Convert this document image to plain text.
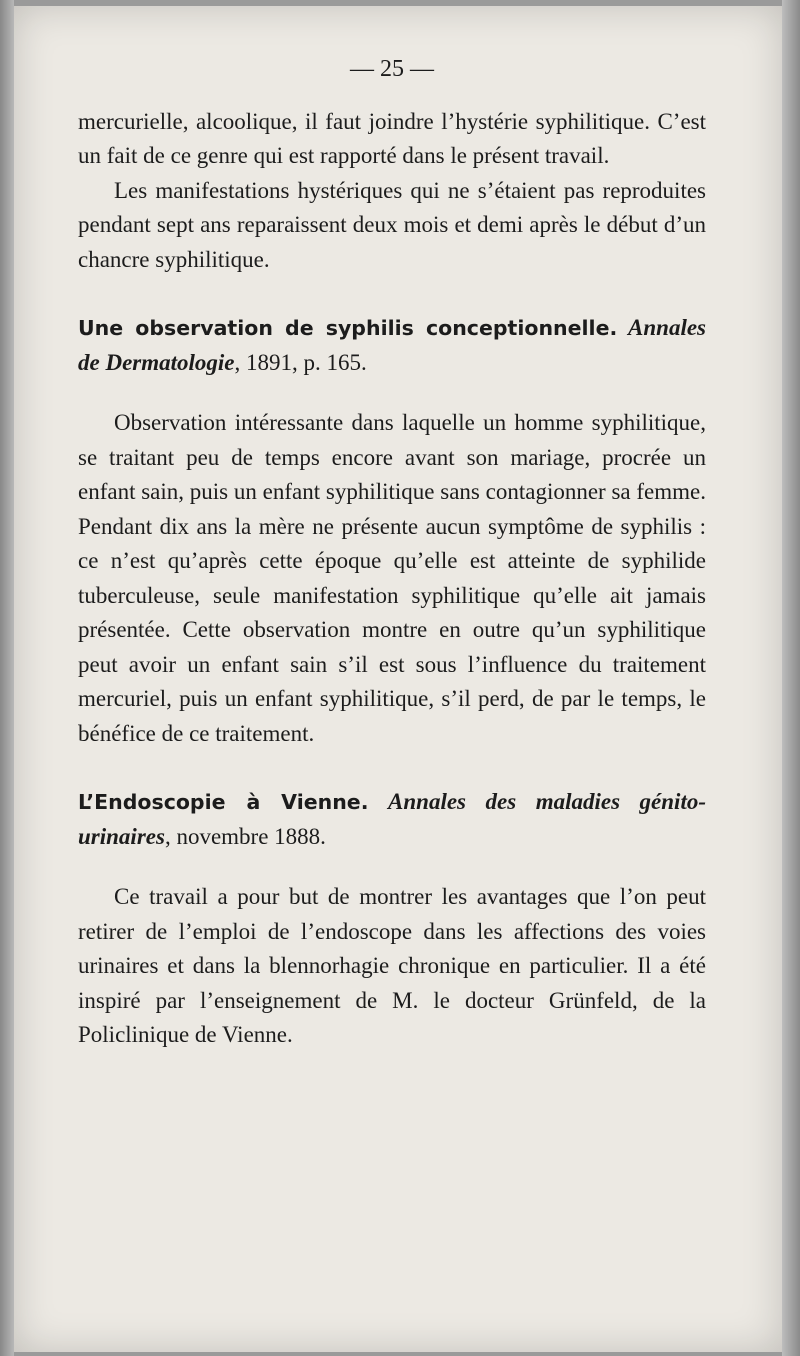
— 25 —

mercurielle, alcoolique, il faut joindre l’hystérie syphilitique. C’est un fait de ce genre qui est rapporté dans le présent travail.

Les manifestations hystériques qui ne s’étaient pas reproduites pendant sept ans reparaissent deux mois et demi après le début d’un chancre syphilitique.

Une observation de syphilis conceptionnelle. Annales de Dermatologie, 1891, p. 165.

Observation intéressante dans laquelle un homme syphilitique, se traitant peu de temps encore avant son mariage, procrée un enfant sain, puis un enfant syphilitique sans contagionner sa femme. Pendant dix ans la mère ne présente aucun symptôme de syphilis : ce n’est qu’après cette époque qu’elle est atteinte de syphilide tuberculeuse, seule manifestation syphilitique qu’elle ait jamais présentée. Cette observation montre en outre qu’un syphilitique peut avoir un enfant sain s’il est sous l’influence du traitement mercuriel, puis un enfant syphilitique, s’il perd, de par le temps, le bénéfice de ce traitement.

L’Endoscopie à Vienne. Annales des maladies génito-urinaires, novembre 1888.

Ce travail a pour but de montrer les avantages que l’on peut retirer de l’emploi de l’endoscope dans les affections des voies urinaires et dans la blennorhagie chronique en particulier. Il a été inspiré par l’enseignement de M. le docteur Grünfeld, de la Policlinique de Vienne.
